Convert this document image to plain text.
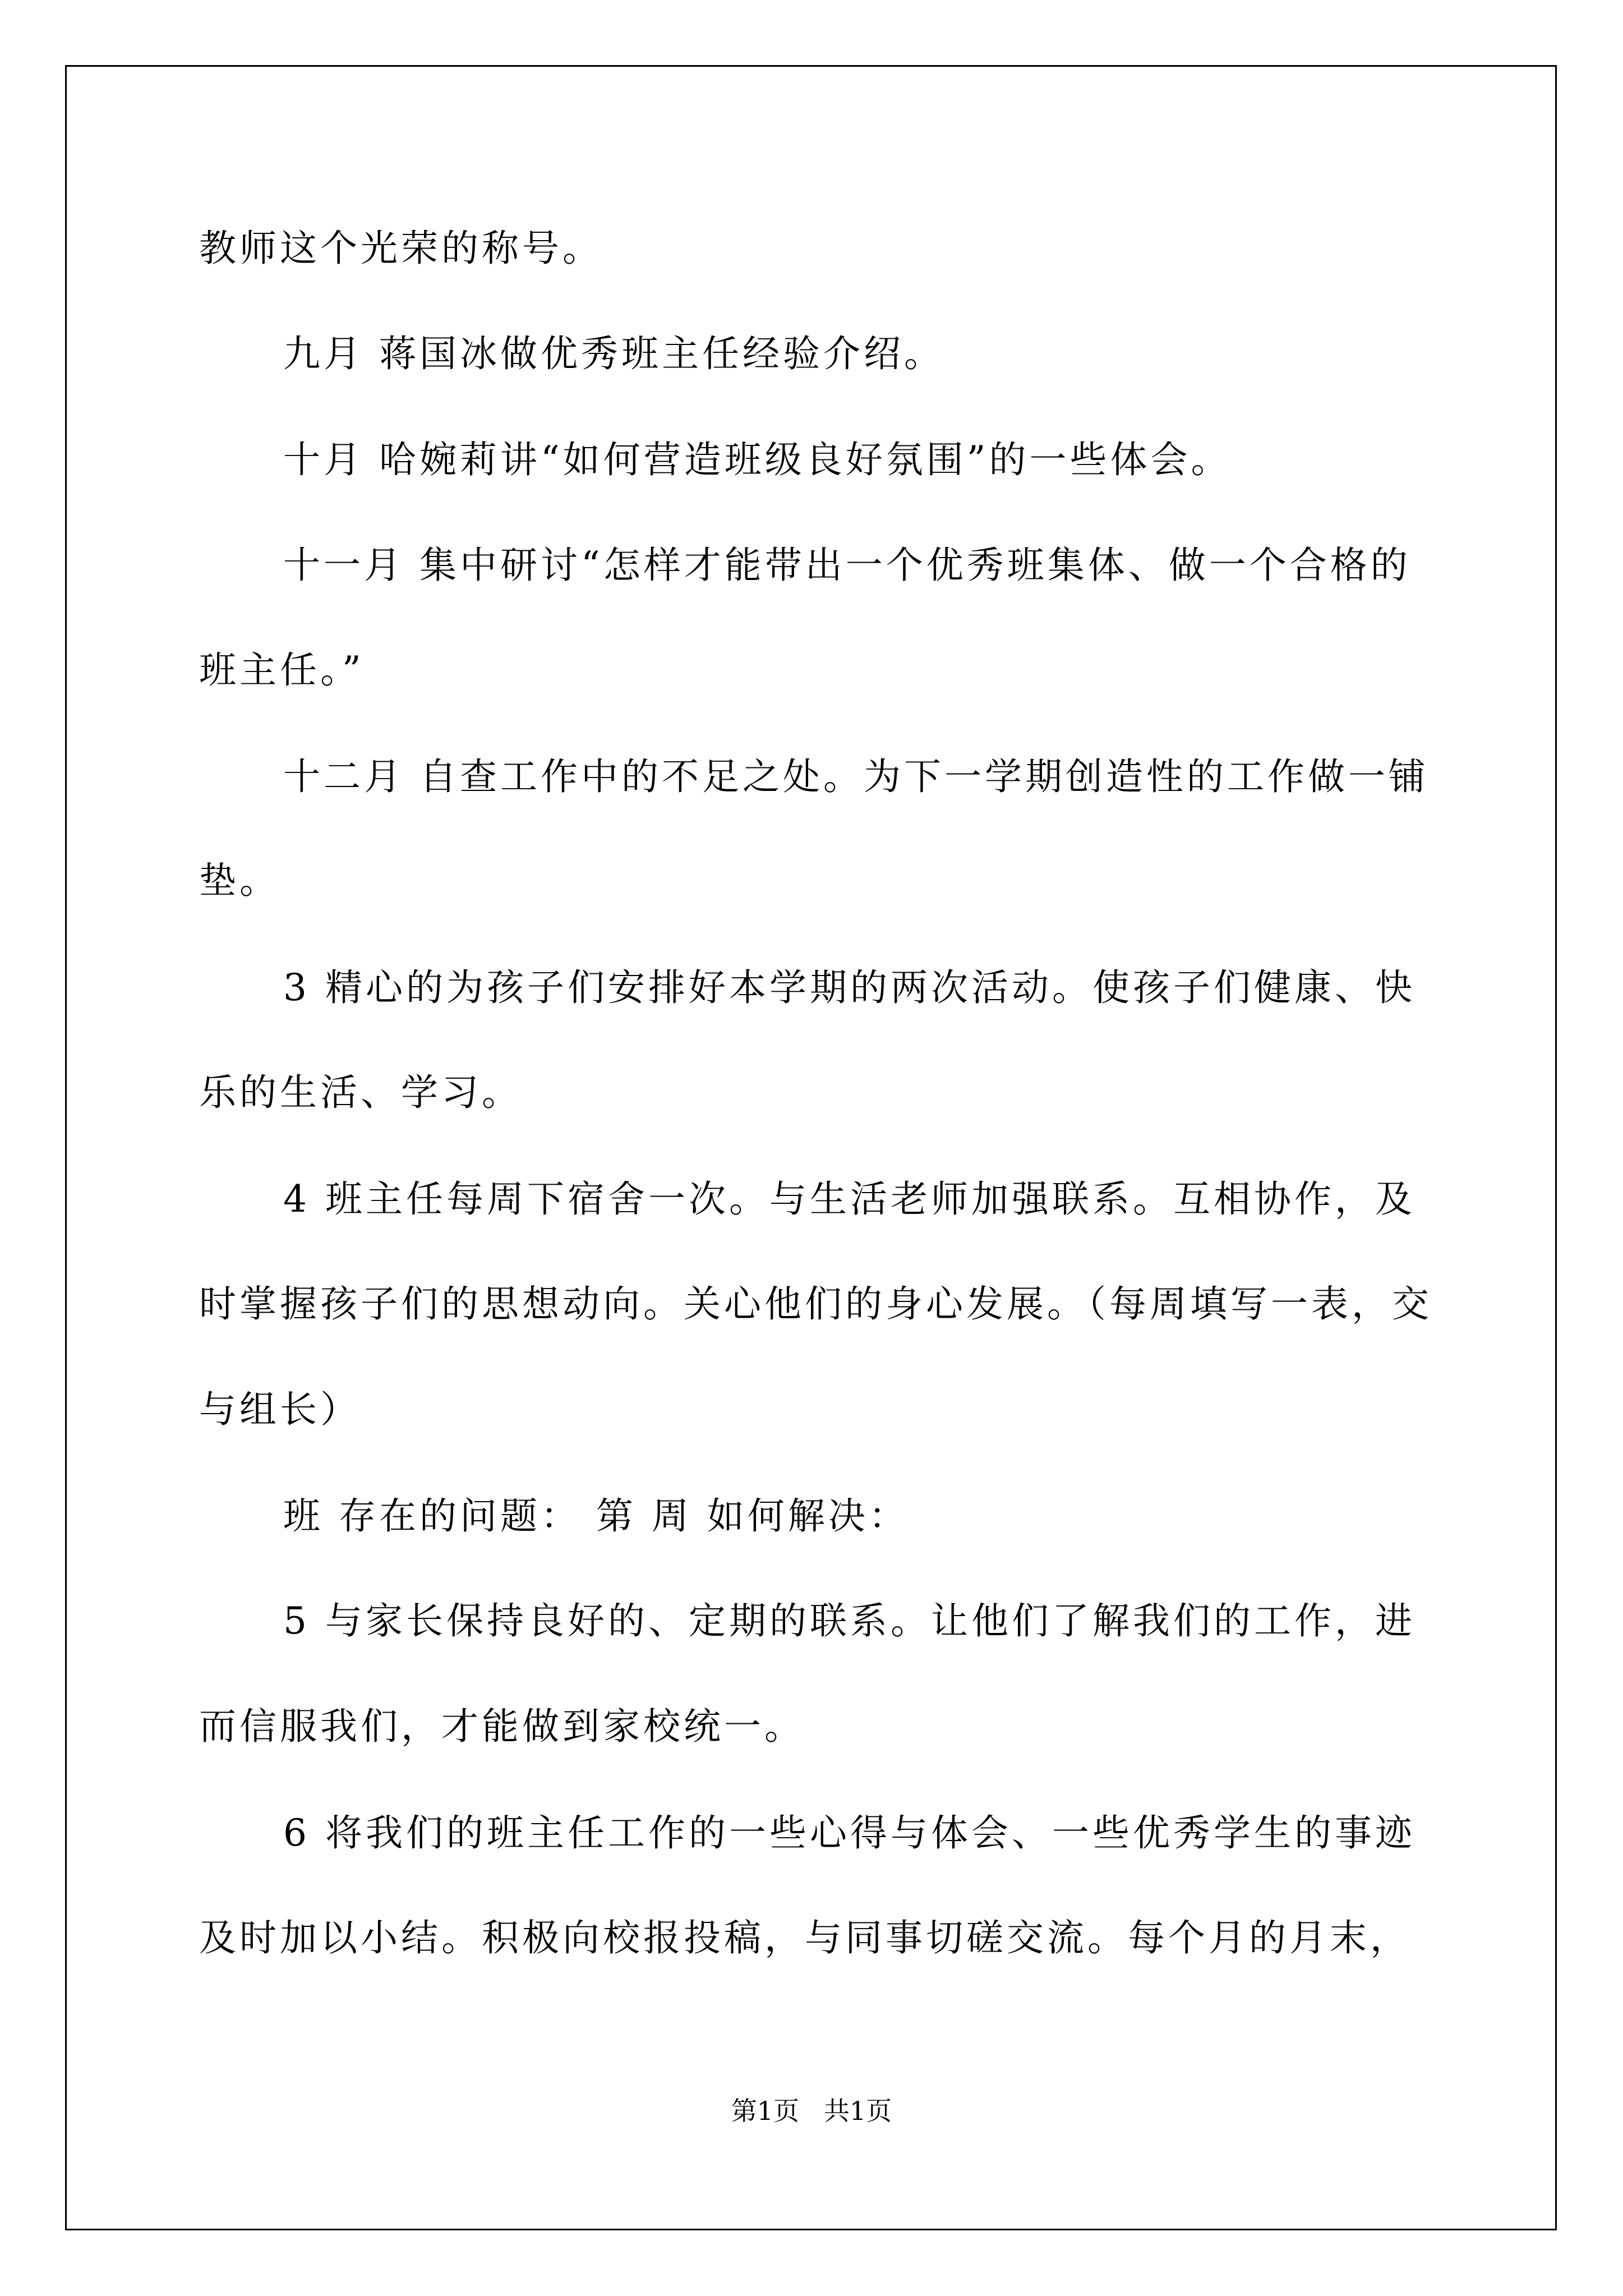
教师这个光荣的称号。
九月 蒋国冰做优秀班主任经验介绍。
十月 哈婉莉讲“如何营造班级良好氛围”的一些体会。
十一月 集中研讨“怎样才能带出一个优秀班集体、做一个合格的
班主任。”
十二月 自查工作中的不足之处。为下一学期创造性的工作做一铺
垫。
3 精心的为孩子们安排好本学期的两次活动。使孩子们健康、快
乐的生活、学习。
4 班主任每周下宿舍一次。与生活老师加强联系。互相协作，及
时掌握孩子们的思想动向。关心他们的身心发展。（每周填写一表，交
与组长）
班 存在的问题： 第 周 如何解决：
5 与家长保持良好的、定期的联系。让他们了解我们的工作，进
而信服我们，才能做到家校统一。
6 将我们的班主任工作的一些心得与体会、一些优秀学生的事迹
及时加以小结。积极向校报投稿，与同事切磋交流。每个月的月末，
第1页   共1页
